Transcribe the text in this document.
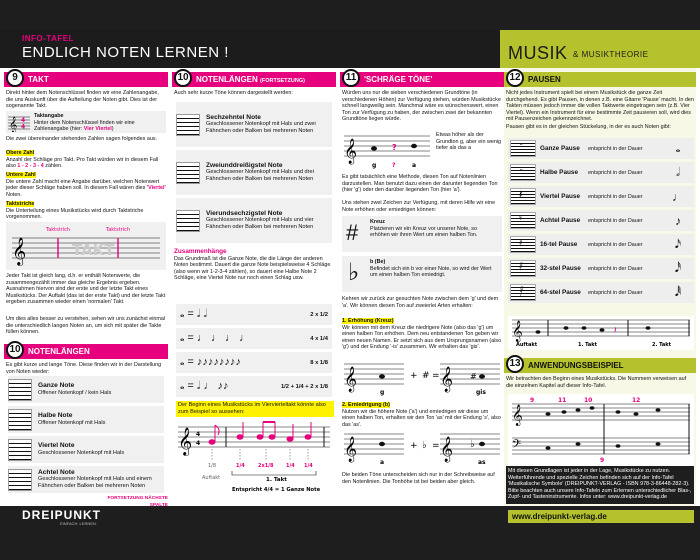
INFO-TAFEL
ENDLICH NOTEN LERNEN !	MUSIK & MUSIKTHEORIE
9	TAKT
Direkt hinter dem Notenschlüssel finden wir eine Zahlenangabe, die uns Auskunft über die Aufteilung der Noten gibt. Dies ist der sogenannte Takt.
𝄞 4
4
Taktangabe
Hinter dem Notenschlüssel finden wir eine Zahlenangabe (hier: Vier Viertel)
Die zwei übereinander stehenden Zahlen sagen folgendes aus.
Obere Zahl
Anzahl der Schläge pro Takt. Pro Takt würden wir in diesem Fall also 1 - 2 - 3 - 4 zählen.
Untere Zahl
Die untere Zahl macht eine Angabe darüber, welchen Notenwert jeder dieser Schläge haben soll. In diesem Fall wären dies 'Viertel' Noten.
Taktstriche
Die Unterteilung eines Musikstücks wird durch Taktstriche vorgenommen.
Taktstrich	Taktstrich
𝄞	TAKT
Jeder Takt ist gleich lang, d.h. er enthält Notenwerte, die zusammengezählt immer das gleiche Ergebnis ergeben. Ausnahmen hiervon sind der erste und der letzte Takt eines Musikstücks. Der Auftakt (das ist der erste Takt) und der letzte Takt ergeben zusammen wieder einen 'normalen' Takt.
Um dies alles besser zu verstehen, sehen wir uns zunächst einmal die unterschiedlich langen Noten an, um sich mit später die Takte füllen können.
10 NOTENLÄNGEN
Es gibt kurze und lange Töne. Diese finden wir in der Darstellung von Noten wieder:
Ganze Note
Offener Notenkopf / kein Hals
Halbe Note
Offener Notenkopf mit Hals
Viertel Note
Geschlossener Notenkopf mit Hals
Achtel Note
Geschlossener Notenkopf mit Hals und einem Fähnchen oder Balken bei mehreren Noten
FORTSETZUNG NÄCHSTE SPALTE
10 NOTENLÄNGEN (FORTSETZUNG)
Auch sehr kurze Töne können dargestellt werden:
Sechzehntel Note
Geschlossener Notenkopf mit Hals und zwei Fähnchen oder Balken bei mehreren Noten
Zweiunddreißigstel Note
Geschlossener Notenkopf mit Hals und drei Fähnchen oder Balken bei mehreren Noten
Vierundsechzigstel Note
Geschlossener Notenkopf mit Hals und vier Fähnchen oder Balken bei mehreren Noten
Zusammenhänge
Das Grundmaß ist die Ganze Note, die die Länge der anderen Noten bestimmt. Dauert die ganze Note beispielsweise 4 Schläge (also wenn wir 1-2-3-4 zählen), so dauert eine Halbe Note 2 Schläge, eine Viertel Note nur noch einen Schlag usw.
𝅝 = 𝅗𝅥 𝅗𝅥	2 x 1/2
𝅝 = ♩ ♩ ♩ ♩	4 x 1/4
𝅝 = ♪♪♪♪♪♪♪♪	8 x 1/8
𝅝 = 𝅗𝅥 ♩ ♪♪	1/2 + 1/4 + 2 x 1/8
Der Beginn eines Musikstücks im Viervierteltakt könnte also zum Beispiel so aussehen:
𝄞 4
4
1/8	1/4	2x1/8	1/4 1/4
Auftakt	1. Takt
Entspricht 4/4 = 1 Ganze Note
11 'SCHRÄGE TÖNE'
Würden uns nur die sieben verschiedenen Grundtöne (in verschiedenen Höhen) zur Verfügung stehen, würden Musikstücke schnell langweilig sein. Manchmal wäre es wünschenswert, einen Ton zur Verfügung zu haben, der zwischen zwei der bekannten Grundtöne liegen würde.
𝄞	?
g	?	a
Etwas höher als der Grundton g, aber ein wenig tiefer als das a
Es gibt tatsächlich eine Methode, diesen Ton auf Notenlinien darzustellen. Man benutzt dazu einen der darunter liegenden Ton (hier 'g') oder den darüber liegenden Ton (hier 'a').
Uns stehen zwei Zeichen zur Verfügung, mit deren Hilfe wir eine Note erhöhen oder erniedrigen können:
# Kreuz
Platzieren wir ein Kreuz vor unserer Note, so erhöhen wir ihren Wert um einen halben Ton.
♭ b (Be)
Befindet sich ein b vor einer Note, so wird der Wert um einen halben Ton erniedrigt.
Kehren wir zurück zur gesuchten Note zwischen dem 'g' und dem 'a'. Wir können diesen Ton auf zweierlei Arten erhalten:
1. Erhöhung (Kreuz)
Wir können mit dem Kreuz die niedrigere Note (also das 'g') um einen halben Ton erhöhen. Dem neu entstandenen Ton geben wir einen neuen Namen. Er setzt sich aus dem Ursprungsnamen (also 'g') und der Endung '-is' zusammen. Wir erhalten das 'gis'.
𝄞	𝄞 #
+ # =
g	gis
2. Erniedrigung (b)
Nutzen wir die höhere Note ('a') und erniedrigen wir diese um einen halben Ton, erhalten wir den Ton 'as' mit der Endung 's', also das 'as'.
𝄞	𝄞 ♭
+ ♭ =
a	as
Die beiden Töne unterscheiden sich nur in der Schreibweise auf den Notenlinien. Die Tonhöhe ist bei beiden aber gleich.
12 PAUSEN
Nicht jedes Instrument spielt bei einem Musikstück die ganze Zeit durchgehend. Es gibt Pausen, in denen z.B. eine Gitarre 'Pause' macht. In den Takten müssen jedoch immer die vollen Taktwerte eingetragen sein (z.B. Vier Viertel). Wenn ein Instrument für eine bestimmte Zeit pausieren soll, wird dies mit Pausenzeichen gekennzeichnet.
Pausen gibt es in der gleichen Stückelung, in der es auch Noten gibt:
13 ANWENDUNGSBEISPIEL
Wir betrachten den Beginn eines Musikstücks. Die Nummern verweisen auf die einzelnen Kapitel auf dieser Info-Tafel.
Mit diesen Grundlagen ist jeder in der Lage, Musikstücke zu nutzen. Weiterführende und spezielle Zeichen befinden sich auf der Info-Tafel 'Musikalische Symbole' (DREIPUNKT-VERLAG - ISBN 978-3-86448-282-3). Bitte beachten auch unsere Info-Tafeln zum Erlernen unterschiedlicher Blas-, Zupf- und Tasteninstrumente. Infos unter: www.dreipunkt-verlag.de
𝄻	Ganze Pause	entspricht in der Dauer	𝅝
𝄼	Halbe Pause	entspricht in der Dauer	𝅗𝅥
𝄽	Viertel Pause	entspricht in der Dauer	♩
𝄾	Achtel Pause	entspricht in der Dauer	♪
𝄿	16-tel Pause	entspricht in der Dauer	𝅘𝅥𝅯
𝅀	32-stel Pause	entspricht in der Dauer	𝅘𝅥𝅰
𝅁	64-stel Pause	entspricht in der Dauer	𝅘𝅥𝅱
𝄞	𝄽
Auftakt	1. Takt	2. Takt
𝄞
𝄢
9	11	10	12
9
DREIPUNKT
EINFACH. LERNEN.
www.dreipunkt-verlag.de
